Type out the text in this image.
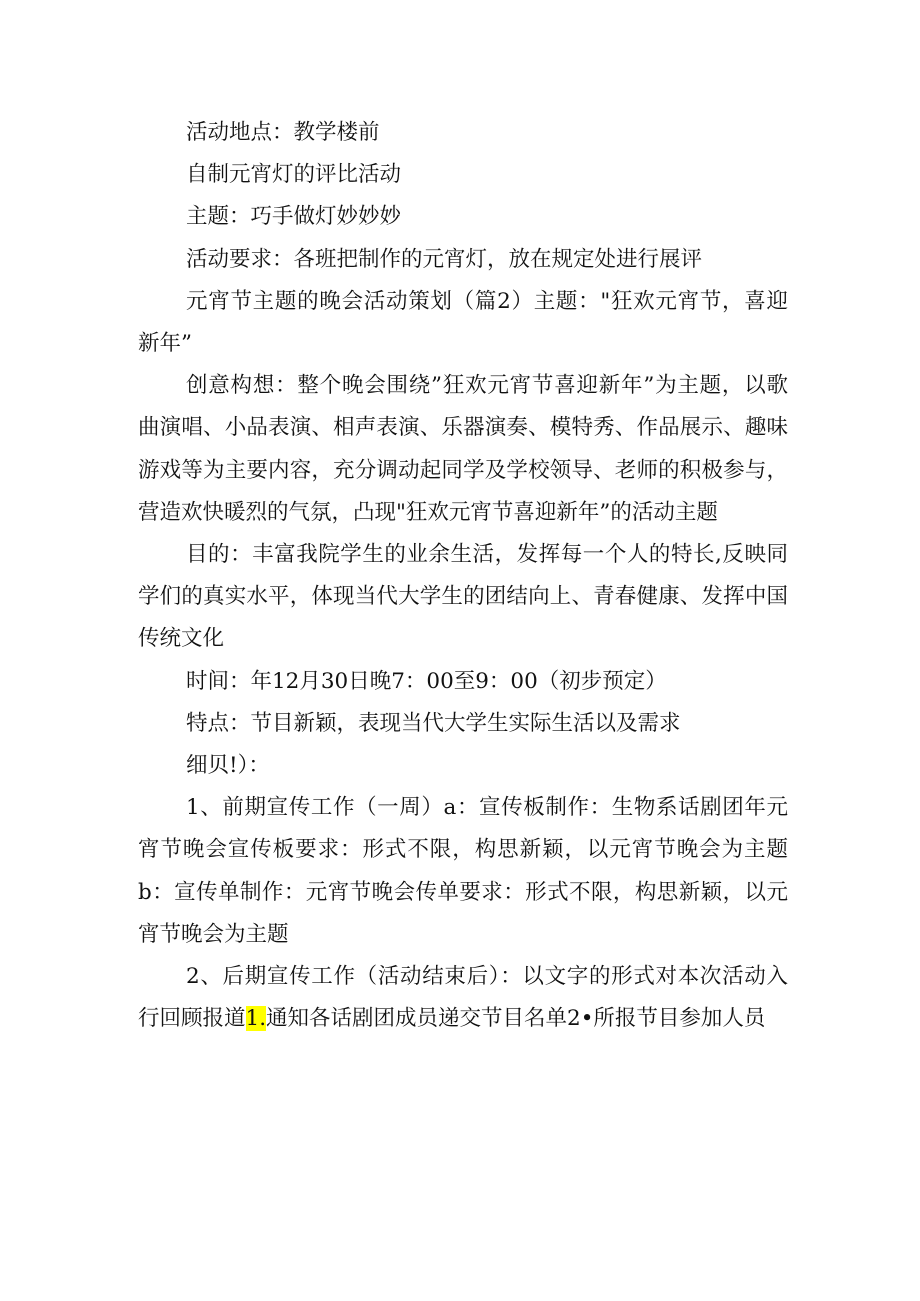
活动地点：教学楼前

自制元宵灯的评比活动

主题：巧手做灯妙妙妙

活动要求：各班把制作的元宵灯，放在规定处进行展评

元宵节主题的晚会活动策划（篇2）主题："狂欢元宵节，喜迎新年”

创意构想：整个晚会围绕”狂欢元宵节喜迎新年”为主题，以歌曲演唱、小品表演、相声表演、乐器演奏、模特秀、作品展示、趣味游戏等为主要内容，充分调动起同学及学校领导、老师的积极参与，营造欢快暖烈的气氛，凸现"狂欢元宵节喜迎新年”的活动主题

目的：丰富我院学生的业余生活，发挥每一个人的特长,反映同学们的真实水平，体现当代大学生的团结向上、青春健康、发挥中国传统文化

时间：年12月30日晚7：00至9：00（初步预定）

特点：节目新颖，表现当代大学生实际生活以及需求

细贝!）：

1、前期宣传工作（一周）a：宣传板制作：生物系话剧团年元宵节晚会宣传板要求：形式不限，构思新颖，以元宵节晚会为主题b：宣传单制作：元宵节晚会传单要求：形式不限，构思新颖，以元宵节晚会为主题

2、后期宣传工作（活动结束后）：以文字的形式对本次活动入行回顾报道1.通知各话剧团成员递交节目名单2•所报节目参加人员
